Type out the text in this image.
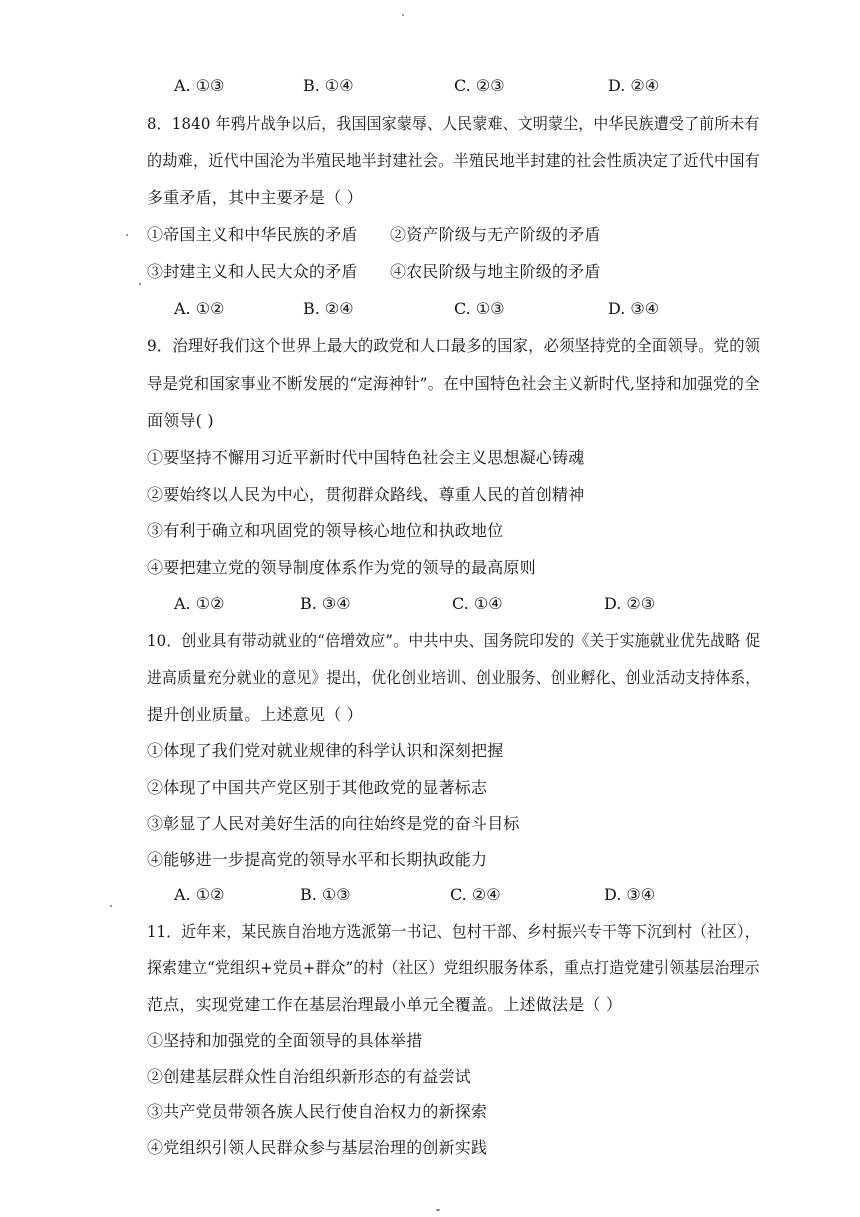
A. ①③	B. ①④	C. ②③	D. ②④
8．1840 年鸦片战争以后，我国国家蒙辱、人民蒙难、文明蒙尘，中华民族遭受了前所未有
的劫难，近代中国沦为半殖民地半封建社会。半殖民地半封建的社会性质决定了近代中国有
多重矛盾，其中主要矛是（ ）
①帝国主义和中华民族的矛盾 ②资产阶级与无产阶级的矛盾
③封建主义和人民大众的矛盾 ④农民阶级与地主阶级的矛盾
A. ①②	B. ②④	C. ①③	D. ③④
9．治理好我们这个世界上最大的政党和人口最多的国家，必须坚持党的全面领导。党的领
导是党和国家事业不断发展的“定海神针”。在中国特色社会主义新时代,坚持和加强党的全
面领导( )
①要坚持不懈用习近平新时代中国特色社会主义思想凝心铸魂
②要始终以人民为中心，贯彻群众路线、尊重人民的首创精神
③有利于确立和巩固党的领导核心地位和执政地位
④要把建立党的领导制度体系作为党的领导的最高原则
A. ①②	B. ③④	C. ①④	D. ②③
10．创业具有带动就业的“倍增效应”。中共中央、国务院印发的《关于实施就业优先战略 促
进高质量充分就业的意见》提出，优化创业培训、创业服务、创业孵化、创业活动支持体系，
提升创业质量。上述意见（ ）
①体现了我们党对就业规律的科学认识和深刻把握
②体现了中国共产党区别于其他政党的显著标志
③彰显了人民对美好生活的向往始终是党的奋斗目标
④能够进一步提高党的领导水平和长期执政能力
A. ①②	B. ①③	C. ②④	D. ③④
11．近年来，某民族自治地方选派第一书记、包村干部、乡村振兴专干等下沉到村（社区），
探索建立“党组织+党员+群众”的村（社区）党组织服务体系，重点打造党建引领基层治理示
范点，实现党建工作在基层治理最小单元全覆盖。上述做法是（ ）
①坚持和加强党的全面领导的具体举措
②创建基层群众性自治组织新形态的有益尝试
③共产党员带领各族人民行使自治权力的新探索
④党组织引领人民群众参与基层治理的创新实践
